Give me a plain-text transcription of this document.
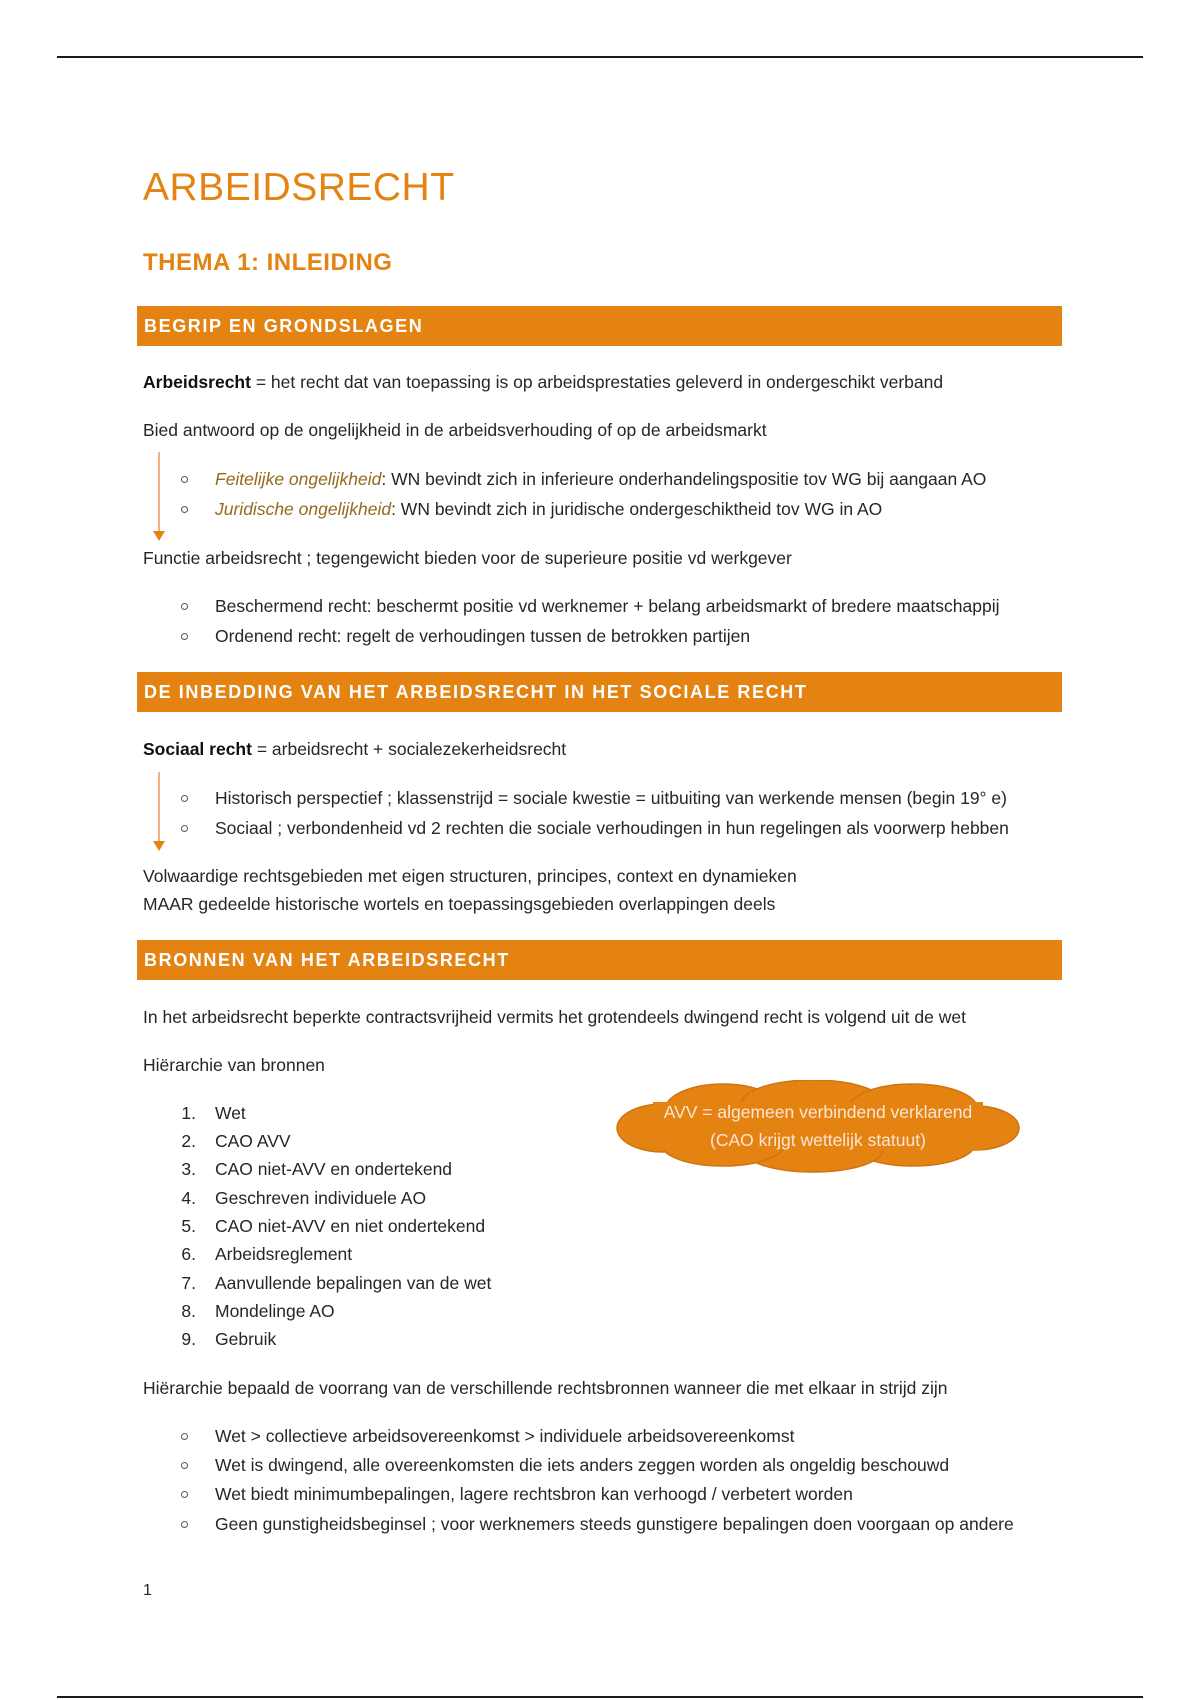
ARBEIDSRECHT
THEMA 1: INLEIDING
BEGRIP EN GRONDSLAGEN
Arbeidsrecht = het recht dat van toepassing is op arbeidsprestaties geleverd in ondergeschikt verband
Bied antwoord op de ongelijkheid in de arbeidsverhouding of op de arbeidsmarkt
Feitelijke ongelijkheid: WN bevindt zich in inferieure onderhandelingspositie tov WG bij aangaan AO
Juridische ongelijkheid: WN bevindt zich in juridische ondergeschiktheid tov WG in AO
Functie arbeidsrecht ; tegengewicht bieden voor de superieure positie vd werkgever
Beschermend recht: beschermt positie vd werknemer + belang arbeidsmarkt of bredere maatschappij
Ordenend recht: regelt de verhoudingen tussen de betrokken partijen
DE INBEDDING VAN HET ARBEIDSRECHT IN HET SOCIALE RECHT
Sociaal recht = arbeidsrecht + socialezekerheidsrecht
Historisch perspectief ; klassenstrijd = sociale kwestie = uitbuiting van werkende mensen (begin 19° e)
Sociaal ; verbondenheid vd 2 rechten die sociale verhoudingen in hun regelingen als voorwerp hebben
Volwaardige rechtsgebieden met eigen structuren, principes, context en dynamieken
MAAR gedeelde historische wortels en toepassingsgebieden overlappingen deels
BRONNEN VAN HET ARBEIDSRECHT
In het arbeidsrecht beperkte contractsvrijheid vermits het grotendeels dwingend recht is volgend uit de wet
Hiërarchie van bronnen
1. Wet
2. CAO AVV
3. CAO niet-AVV en ondertekend
4. Geschreven individuele AO
5. CAO niet-AVV en niet ondertekend
6. Arbeidsreglement
7. Aanvullende bepalingen van de wet
8. Mondelinge AO
9. Gebruik
AVV = algemeen verbindend verklarend
(CAO krijgt wettelijk statuut)
Hiërarchie bepaald de voorrang van de verschillende rechtsbronnen wanneer die met elkaar in strijd zijn
Wet > collectieve arbeidsovereenkomst > individuele arbeidsovereenkomst
Wet is dwingend, alle overeenkomsten die iets anders zeggen worden als ongeldig beschouwd
Wet biedt minimumbepalingen, lagere rechtsbron kan verhoogd / verbetert worden
Geen gunstigheidsbeginsel ; voor werknemers steeds gunstigere bepalingen doen voorgaan op andere
1
